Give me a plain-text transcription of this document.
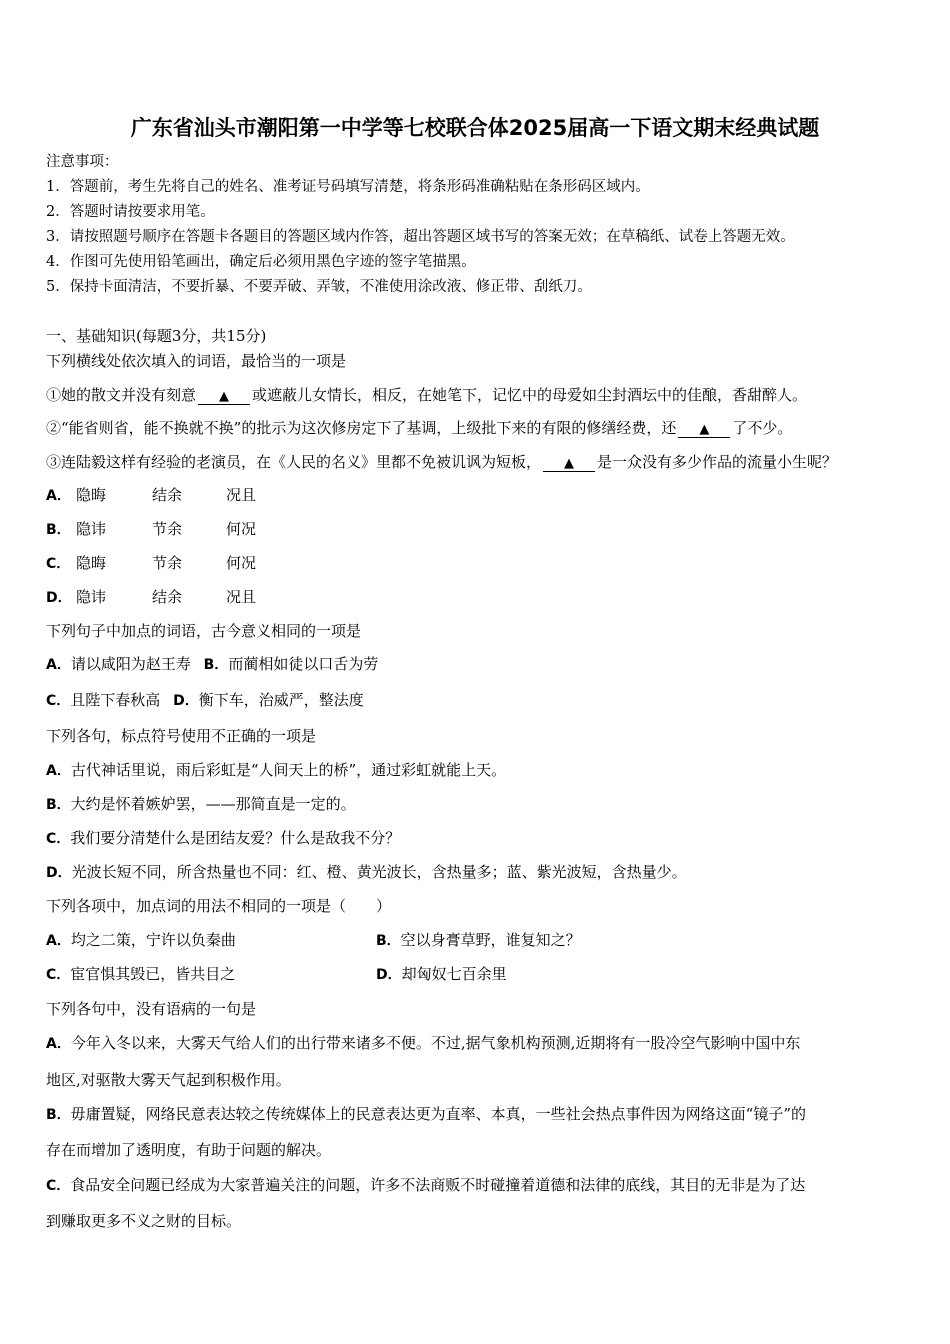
广东省汕头市潮阳第一中学等七校联合体2025届高一下语文期末经典试题
注意事项：
1．答题前，考生先将自己的姓名、准考证号码填写清楚，将条形码准确粘贴在条形码区域内。
2．答题时请按要求用笔。
3．请按照题号顺序在答题卡各题目的答题区域内作答，超出答题区域书写的答案无效；在草稿纸、试卷上答题无效。
4．作图可先使用铅笔画出，确定后必须用黑色字迹的签字笔描黑。
5．保持卡面清洁，不要折暴、不要弄破、弄皱，不准使用涂改液、修正带、刮纸刀。
一、基础知识(每题3分，共15分)
下列横线处依次填入的词语，最恰当的一项是
①她的散文并没有刻意 ▲ 或遮蔽儿女情长，相反，在她笔下，记忆中的母爱如尘封酒坛中的佳酿，香甜醉人。
②“能省则省，能不换就不换”的批示为这次修房定下了基调，上级批下来的有限的修缮经费，还 ▲ 了不少。
③连陆毅这样有经验的老演员，在《人民的名义》里都不免被讥讽为短板， ▲ 是一众没有多少作品的流量小生呢？
A． 隐晦	结余	况且
B． 隐讳	节余	何况
C． 隐晦	节余	何况
D． 隐讳	结余	况且
下列句子中加点的词语，古今意义相同的一项是
A．请以咸阳为赵王寿 B．而蔺相如徒以口舌为劳
C．且陛下春秋高 D．衡下车，治威严，整法度
下列各句，标点符号使用不正确的一项是
A．古代神话里说，雨后彩虹是“人间天上的桥”，通过彩虹就能上天。
B．大约是怀着嫉妒罢，——那简直是一定的。
C．我们要分清楚什么是团结友爱？什么是敌我不分？
D．光波长短不同，所含热量也不同：红、橙、黄光波长，含热量多；蓝、紫光波短，含热量少。
下列各项中，加点词的用法不相同的一项是（　　）
A．均之二策，宁许以负秦曲	B．空以身膏草野，谁复知之？
C．宦官惧其毁已，皆共目之	D．却匈奴七百余里
下列各句中，没有语病的一句是
A．今年入冬以来，大雾天气给人们的出行带来诸多不便。不过,据气象机构预测,近期将有一股冷空气影响中国中东
地区,对驱散大雾天气起到积极作用。
B．毋庸置疑，网络民意表达较之传统媒体上的民意表达更为直率、本真，一些社会热点事件因为网络这面“镜子”的
存在而增加了透明度，有助于问题的解决。
C．食品安全问题已经成为大家普遍关注的问题，许多不法商贩不时碰撞着道德和法律的底线，其目的无非是为了达
到赚取更多不义之财的目标。
